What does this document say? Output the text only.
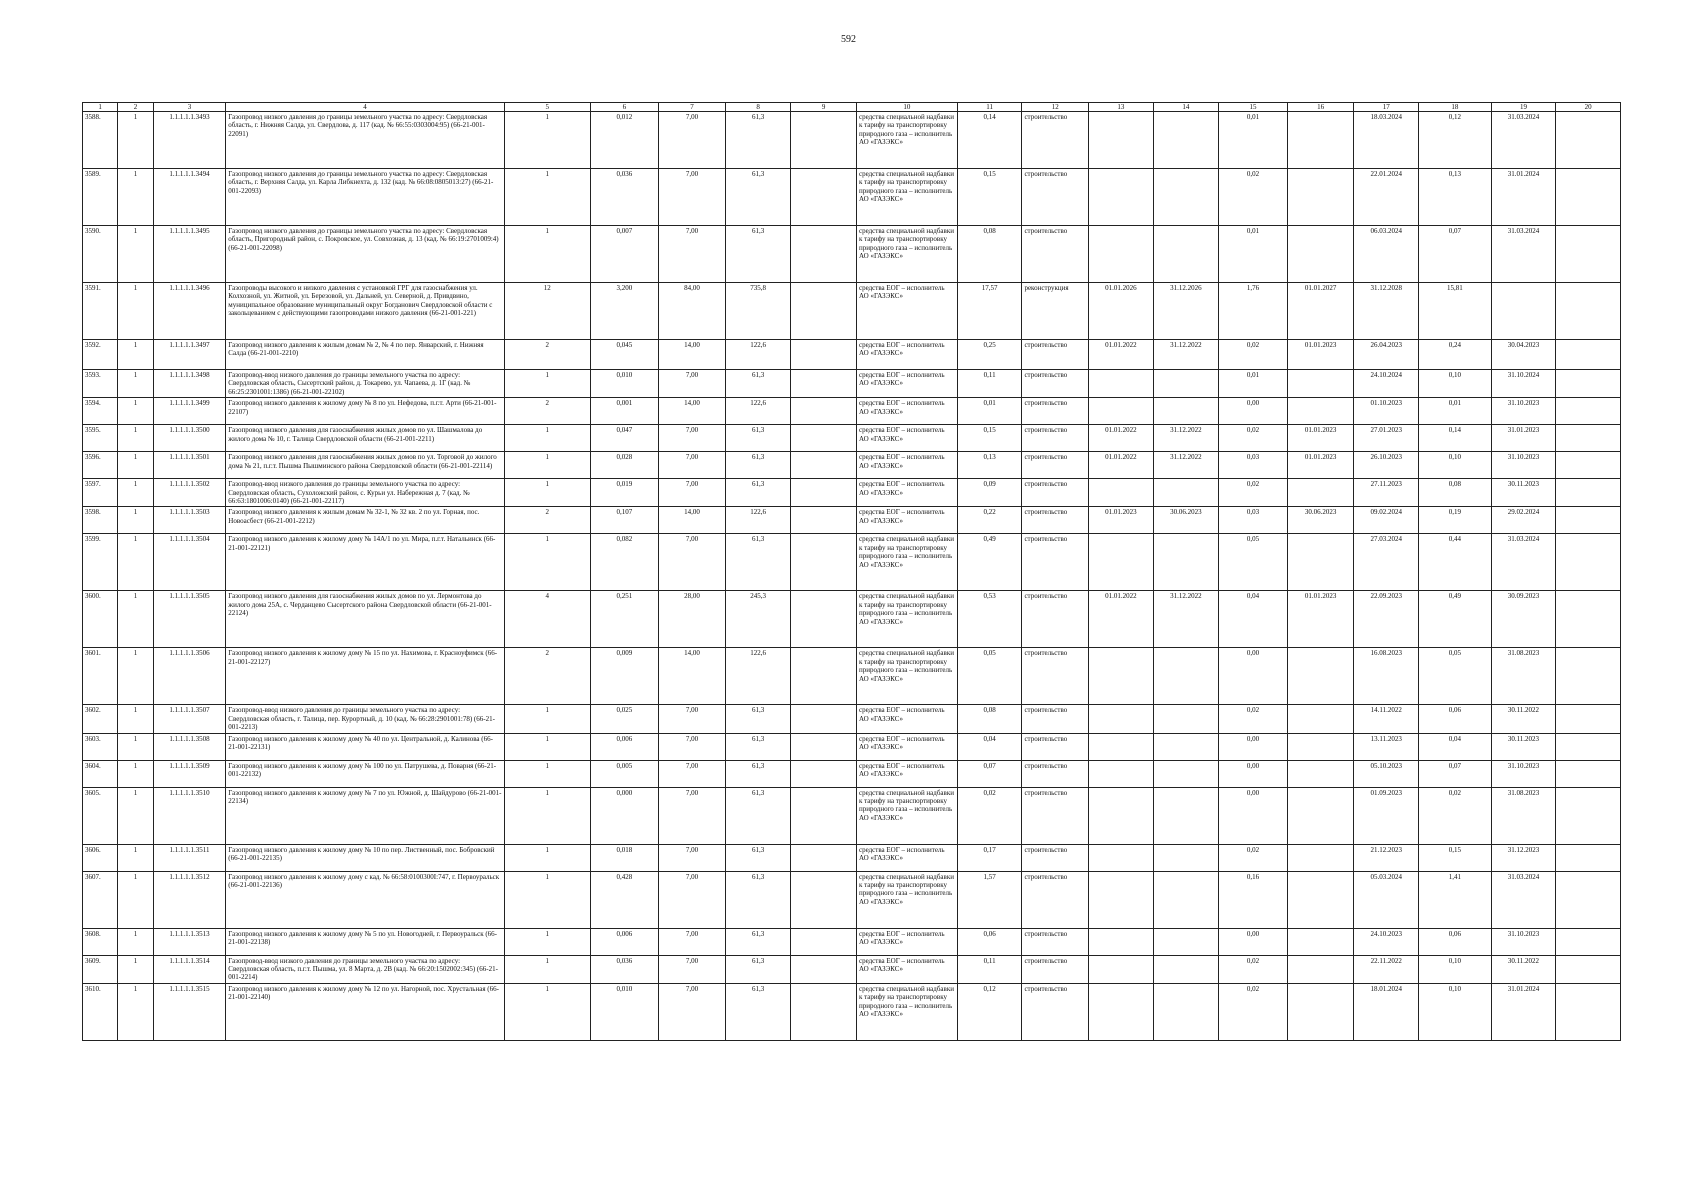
592
1	2	3	4	5	6	7	8	9	10	11	12	13	14	15	16	17	18	19	20
3588.	1	1.1.1.1.1.3493	Газопровод низкого давления до границы земельного участка по адресу: Свердловская область, г. Нижняя Салда, ул. Свердлова, д. 117 (кад. № 66:55:0303004:95) (66-21-001-22091)	1	0,012	7,00	61,3		средства специальной надбавки к тарифу на транспортировку природного газа – исполнитель АО «ГАЗЭКС»	0,14	строительство			0,01		18.03.2024	0,12	31.03.2024	
3589.	1	1.1.1.1.1.3494	Газопровод низкого давления до границы земельного участка по адресу: Свердловская область, г. Верхняя Салда, ул. Карла Либкнехта, д. 132 (кад. № 66:08:0805013:27) (66-21-001-22093)	1	0,036	7,00	61,3		средства специальной надбавки к тарифу на транспортировку природного газа – исполнитель АО «ГАЗЭКС»	0,15	строительство			0,02		22.01.2024	0,13	31.01.2024	
3590.	1	1.1.1.1.1.3495	Газопровод низкого давления до границы земельного участка по адресу: Свердловская область, Пригородный район, с. Покровское, ул. Совхозная, д. 13 (кад. № 66:19:2701009:4) (66-21-001-22098)	1	0,007	7,00	61,3		средства специальной надбавки к тарифу на транспортировку природного газа – исполнитель АО «ГАЗЭКС»	0,08	строительство			0,01		06.03.2024	0,07	31.03.2024	
3591.	1	1.1.1.1.1.3496	Газопроводы высокого и низкого давления с установкой ГРГ для газоснабжения ул. Колхозной, ул. Житной, ул. Березовой, ул. Дальней, ул. Северной, д. Привдвино, муниципальное образование муниципальный округ Богданович Свердловской области с закольцеванием с действующими газопроводами низкого давления (66-21-001-221)	12	3,200	84,00	735,8		средства ЕОГ – исполнитель АО «ГАЗЭКС»	17,57	реконструкция	01.01.2026	31.12.2026	1,76	01.01.2027	31.12.2028	15,81		
3592.	1	1.1.1.1.1.3497	Газопровод низкого давления к жилым домам № 2, № 4 по пер. Январский, г. Нижняя Салда (66-21-001-2210)	2	0,045	14,00	122,6		средства ЕОГ – исполнитель АО «ГАЗЭКС»	0,25	строительство	01.01.2022	31.12.2022	0,02	01.01.2023	26.04.2023	0,24	30.04.2023	
3593.	1	1.1.1.1.1.3498	Газопровод-ввод низкого давления до границы земельного участка по адресу: Свердловская область, Сысертский район, д. Токарево, ул. Чапаева, д. 1Г (кад. № 66:25:2301001:1386) (66-21-001-22102)	1	0,010	7,00	61,3		средства ЕОГ – исполнитель АО «ГАЗЭКС»	0,11	строительство			0,01		24.10.2024	0,10	31.10.2024	
3594.	1	1.1.1.1.1.3499	Газопровод низкого давления к жилому дому № 8 по ул. Нефедова, п.г.т. Арти (66-21-001-22107)	2	0,001	14,00	122,6		средства ЕОГ – исполнитель АО «ГАЗЭКС»	0,01	строительство			0,00		01.10.2023	0,01	31.10.2023	
3595.	1	1.1.1.1.1.3500	Газопровод низкого давления для газоснабжения жилых домов по ул. Шашмалова до жилого дома № 10, г. Талица Свердловской области (66-21-001-2211)	1	0,047	7,00	61,3		средства ЕОГ – исполнитель АО «ГАЗЭКС»	0,15	строительство	01.01.2022	31.12.2022	0,02	01.01.2023	27.01.2023	0,14	31.01.2023	
3596.	1	1.1.1.1.1.3501	Газопровод низкого давления для газоснабжения жилых домов по ул. Торговой до жилого дома № 21, п.г.т. Пышма Пышминского района Свердловской области (66-21-001-22114)	1	0,028	7,00	61,3		средства ЕОГ – исполнитель АО «ГАЗЭКС»	0,13	строительство	01.01.2022	31.12.2022	0,03	01.01.2023	26.10.2023	0,10	31.10.2023	
3597.	1	1.1.1.1.1.3502	Газопровод-ввод низкого давления до границы земельного участка по адресу: Свердловская область, Сухоложский район, с. Курьи ул. Набережная д. 7 (кад. № 66:63:1801006:0140) (66-21-001-22117)	1	0,019	7,00	61,3		средства ЕОГ – исполнитель АО «ГАЗЭКС»	0,09	строительство			0,02		27.11.2023	0,08	30.11.2023	
3598.	1	1.1.1.1.1.3503	Газопровод низкого давления к жилым домам № 32-1, № 32 кв. 2 по ул. Горная, пос. Новоасбест (66-21-001-2212)	2	0,107	14,00	122,6		средства ЕОГ – исполнитель АО «ГАЗЭКС»	0,22	строительство	01.01.2023	30.06.2023	0,03	30.06.2023	09.02.2024	0,19	29.02.2024	
3599.	1	1.1.1.1.1.3504	Газопровод низкого давления к жилому дому № 14А/1 по ул. Мира, п.г.т. Натальинск (66-21-001-22121)	1	0,082	7,00	61,3		средства специальной надбавки к тарифу на транспортировку природного газа – исполнитель АО «ГАЗЭКС»	0,49	строительство			0,05		27.03.2024	0,44	31.03.2024	
3600.	1	1.1.1.1.1.3505	Газопровод низкого давления для газоснабжения жилых домов по ул. Лермонтова до жилого дома 25А, с. Черданцево Сысертского района Свердловской области (66-21-001-22124)	4	0,251	28,00	245,3		средства специальной надбавки к тарифу на транспортировку природного газа – исполнитель АО «ГАЗЭКС»	0,53	строительство	01.01.2022	31.12.2022	0,04	01.01.2023	22.09.2023	0,49	30.09.2023	
3601.	1	1.1.1.1.1.3506	Газопровод низкого давления к жилому дому № 15 по ул. Нахимова, г. Красноуфимск (66-21-001-22127)	2	0,009	14,00	122,6		средства специальной надбавки к тарифу на транспортировку природного газа – исполнитель АО «ГАЗЭКС»	0,05	строительство			0,00		16.08.2023	0,05	31.08.2023	
3602.	1	1.1.1.1.1.3507	Газопровод-ввод низкого давления до границы земельного участка по адресу: Свердловская область, г. Талица, пер. Курортный, д. 10 (кад. № 66:28:2901001:78) (66-21-001-2213)	1	0,025	7,00	61,3		средства ЕОГ – исполнитель АО «ГАЗЭКС»	0,08	строительство			0,02		14.11.2022	0,06	30.11.2022	
3603.	1	1.1.1.1.1.3508	Газопровод низкого давления к жилому дому № 40 по ул. Центральной, д. Калинова (66-21-001-22131)	1	0,006	7,00	61,3		средства ЕОГ – исполнитель АО «ГАЗЭКС»	0,04	строительство			0,00		13.11.2023	0,04	30.11.2023	
3604.	1	1.1.1.1.1.3509	Газопровод низкого давления к жилому дому № 100 по ул. Патрушева, д. Поварня (66-21-001-22132)	1	0,005	7,00	61,3		средства ЕОГ – исполнитель АО «ГАЗЭКС»	0,07	строительство			0,00		05.10.2023	0,07	31.10.2023	
3605.	1	1.1.1.1.1.3510	Газопровод низкого давления к жилому дому № 7 по ул. Южной, д. Шайдурово (66-21-001-22134)	1	0,000	7,00	61,3		средства специальной надбавки к тарифу на транспортировку природного газа – исполнитель АО «ГАЗЭКС»	0,02	строительство			0,00		01.09.2023	0,02	31.08.2023	
3606.	1	1.1.1.1.1.3511	Газопровод низкого давления к жилому дому № 10 по пер. Лиственный, пос. Бобровский (66-21-001-22135)	1	0,018	7,00	61,3		средства ЕОГ – исполнитель АО «ГАЗЭКС»	0,17	строительство			0,02		21.12.2023	0,15	31.12.2023	
3607.	1	1.1.1.1.1.3512	Газопровод низкого давления к жилому дому с кад. № 66:58:0100300I:747, г. Первоуральск (66-21-001-22136)	1	0,428	7,00	61,3		средства специальной надбавки к тарифу на транспортировку природного газа – исполнитель АО «ГАЗЭКС»	1,57	строительство			0,16		05.03.2024	1,41	31.03.2024	
3608.	1	1.1.1.1.1.3513	Газопровод низкого давления к жилому дому № 5 по ул. Новогодней, г. Первоуральск (66-21-001-22138)	1	0,006	7,00	61,3		средства ЕОГ – исполнитель АО «ГАЗЭКС»	0,06	строительство			0,00		24.10.2023	0,06	31.10.2023	
3609.	1	1.1.1.1.1.3514	Газопровод-ввод низкого давления до границы земельного участка по адресу: Свердловская область, п.г.т. Пышма, ул. 8 Марта, д. 2В (кад. № 66:20:1502002:345) (66-21-001-2214)	1	0,036	7,00	61,3		средства ЕОГ – исполнитель АО «ГАЗЭКС»	0,11	строительство			0,02		22.11.2022	0,10	30.11.2022	
3610.	1	1.1.1.1.1.3515	Газопровод низкого давления к жилому дому № 12 по ул. Нагорной, пос. Хрустальная (66-21-001-22140)	1	0,010	7,00	61,3		средства специальной надбавки к тарифу на транспортировку природного газа – исполнитель АО «ГАЗЭКС»	0,12	строительство			0,02		18.01.2024	0,10	31.01.2024	
